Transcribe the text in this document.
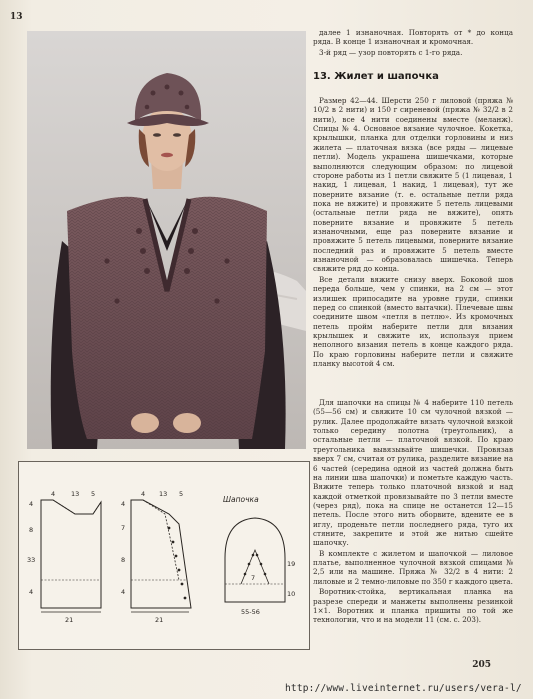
13
4 13 5
4
8
33
4
21
4 13 5
4
7
8
4
21
Шапочка
7
10
19
55-56

далее 1 изнаночная. Повторять от * до конца ряда. В конце 1 изнаночная и кромочная.

3-й ряд — узор повторять с 1-го ряда.

13. Жилет и шапочка

Размер 42—44. Шерсти 250 г лиловой (пряжа № 10/2 в 2 нити) и 150 г сиреневой (пряжа № 32/2 в 2 нити), все 4 нити соединены вместе (меланж). Спицы № 4. Основное вязание чулочное. Кокетка, крылышки, планка для отделки горловины и низ жилета — платочная вязка (все ряды — лицевые петли). Модель украшена шишечками, которые выполняются следующим образом: по лицевой стороне работы из 1 петли свяжите 5 (1 лицевая, 1 накид, 1 лицевая, 1 накид, 1 лицевая), тут же поверните вязание (т. е. остальные петли ряда пока не вяжите) и провяжите 5 петель лицевыми (остальные петли ряда не вяжите), опять поверните вязание и провяжите 5 петель изнаночными, еще раз поверните вязание и провяжите 5 петель лицевыми, поверните вязание последний раз и провяжите 5 петель вместе изнаночной — образовалась шишечка. Теперь свяжите ряд до конца.

Все детали вяжите снизу вверх. Боковой шов переда больше, чем у спинки, на 2 см — этот излишек припосадите на уровне груди, спинки перед со спинкой (вместо вытачки). Плечевые швы соедините швом «петля в петлю». Из кромочных петель пройм наберите петли для вязания крылышек и свяжите их, используя прием неполного вязания петель в конце каждого ряда. По краю горловины наберите петли и свяжите планку высотой 4 см.

Для шапочки на спицы № 4 наберите 110 петель (55—56 см) и свяжите 10 см чулочной вязкой — рулик. Далее продолжайте вязать чулочной вязкой только середину полотна (треугольник), а остальные петли — платочной вязкой. По краю треугольника вывязывайте шишечки. Провязав вверх 7 см, считая от рулика, разделите вязание на 6 частей (середина одной из частей должна быть на линии шва шапочки) и пометьте каждую часть. Вяжите теперь только платочной вязкой и над каждой отметкой провязывайте по 3 петли вместе (через ряд), пока на спице не останется 12—15 петель. После этого нить оборвите, вдените ее в иглу, проденьте петли последнего ряда, туго их стяните, закрепите и этой же нитью сшейте шапочку.

В комплекте с жилетом и шапочкой — лиловое платье, выполненное чулочной вязкой спицами № 2,5 или на машине. Пряжа № 32/2 в 4 нити: 2 лиловые и 2 темно-лиловые по 350 г каждого цвета.

Воротник-стойка, вертикальная планка на разрезе спереди и манжеты выполнены резинкой 1×1. Воротник и планка пришиты по той же технологии, что и на модели 11 (см. с. 203).

205
http://www.liveinternet.ru/users/vera-l/
